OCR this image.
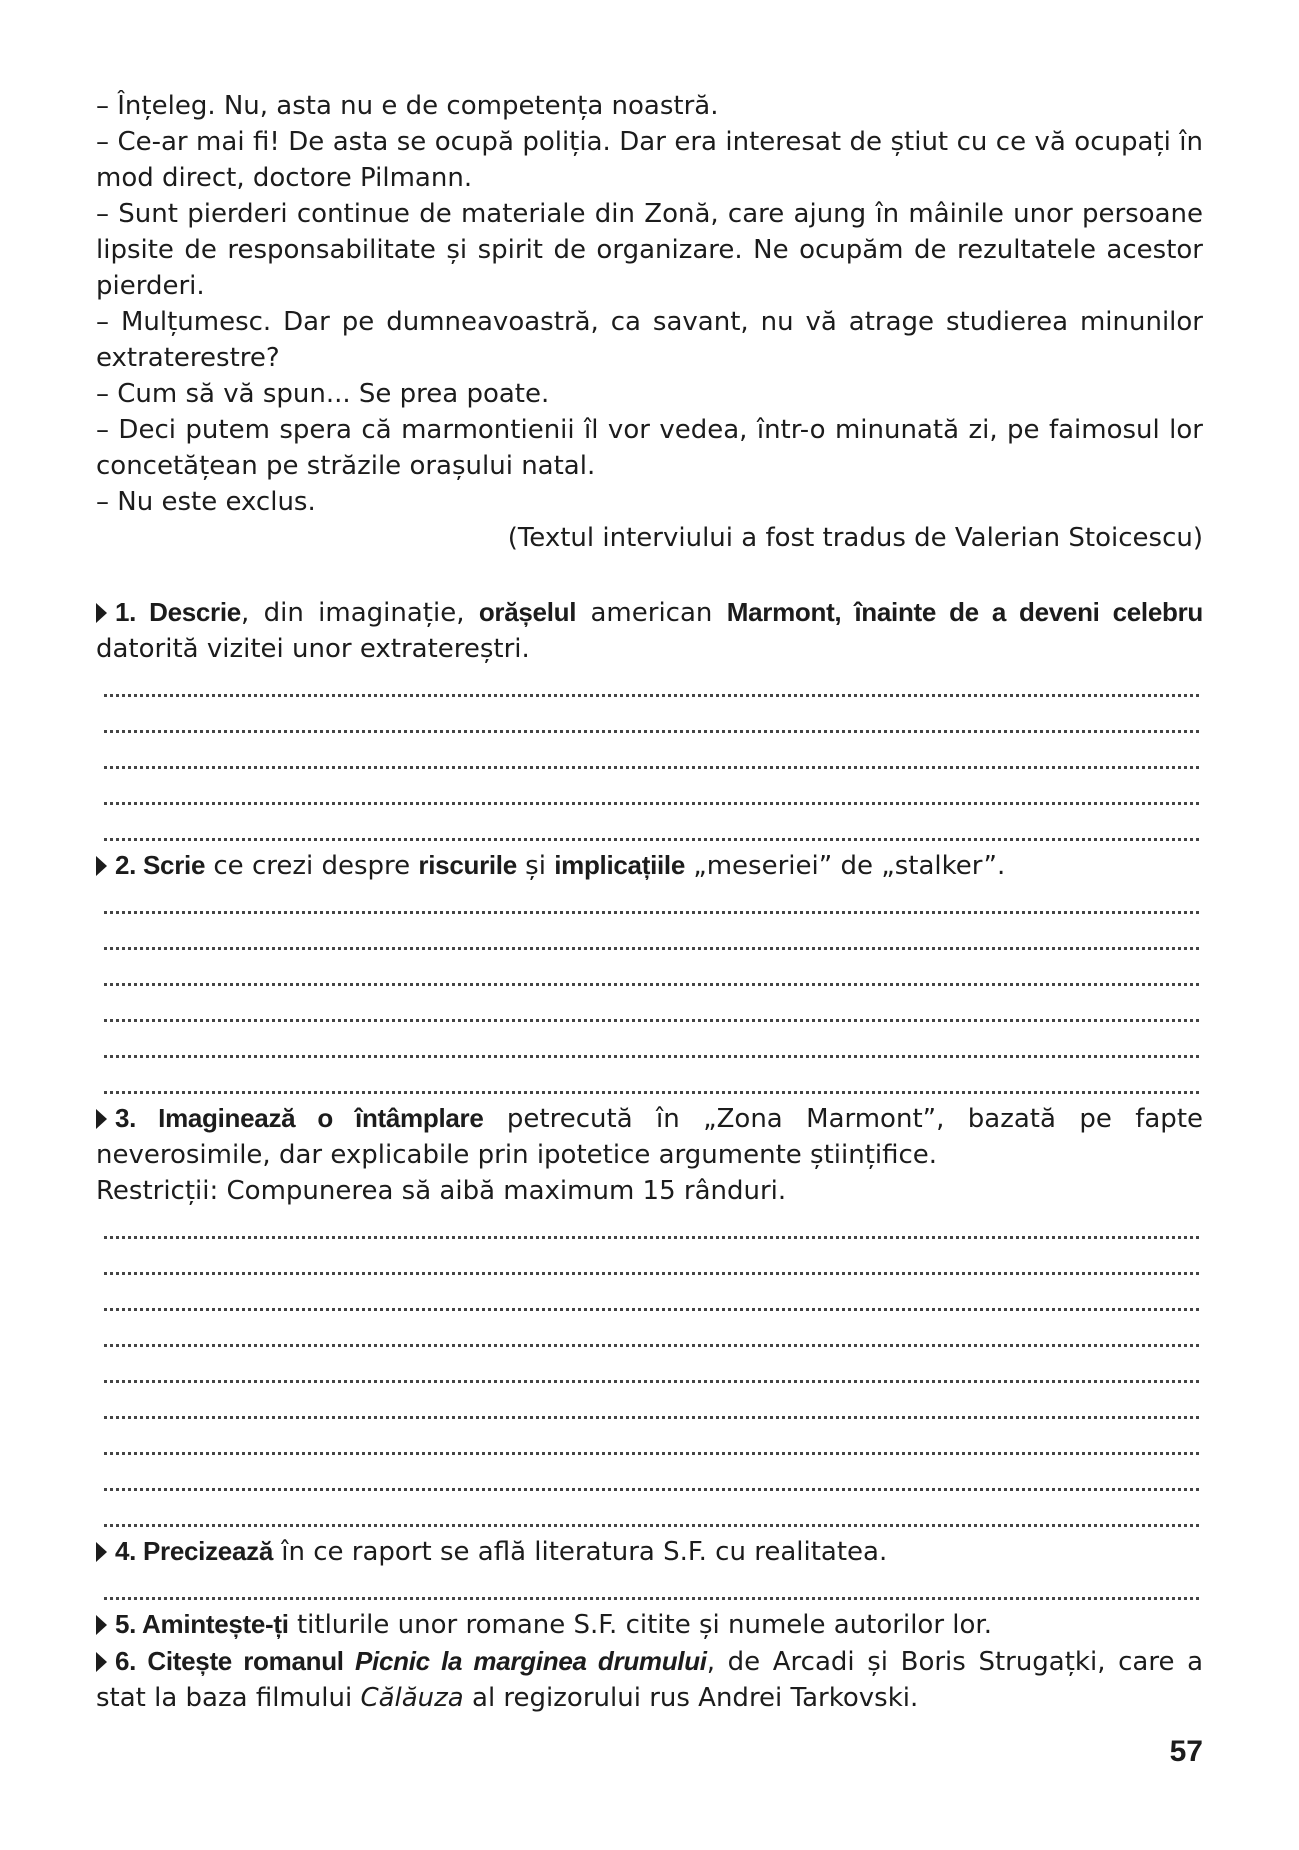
– Înțeleg. Nu, asta nu e de competența noastră.

– Ce-ar mai fi! De asta se ocupă poliția. Dar era interesat de știut cu ce vă ocupați în mod direct, doctore Pilmann.

– Sunt pierderi continue de materiale din Zonă, care ajung în mâinile unor persoane lipsite de responsabilitate și spirit de organizare. Ne ocupăm de rezultatele acestor pierderi.

– Mulțumesc. Dar pe dumneavoastră, ca savant, nu vă atrage studierea minunilor extraterestre?

– Cum să vă spun... Se prea poate.

– Deci putem spera că marmontienii îl vor vedea, într-o minunată zi, pe faimosul lor concetățean pe străzile orașului natal.

– Nu este exclus.

(Textul interviului a fost tradus de Valerian Stoicescu)

1. Descrie, din imaginație, orășelul american Marmont, înainte de a deveni celebru datorită vizitei unor extratereștri.

2. Scrie ce crezi despre riscurile și implicațiile „meseriei” de „stalker”.

3. Imaginează o întâmplare petrecută în „Zona Marmont”, bazată pe fapte neverosimile, dar explicabile prin ipotetice argumente științifice.

Restricții: Compunerea să aibă maximum 15 rânduri.

4. Precizează în ce raport se află literatura S.F. cu realitatea.

5. Amintește-ți titlurile unor romane S.F. citite și numele autorilor lor.

6. Citește romanul Picnic la marginea drumului, de Arcadi și Boris Strugațki, care a stat la baza filmului Călăuza al regizorului rus Andrei Tarkovski.

57
